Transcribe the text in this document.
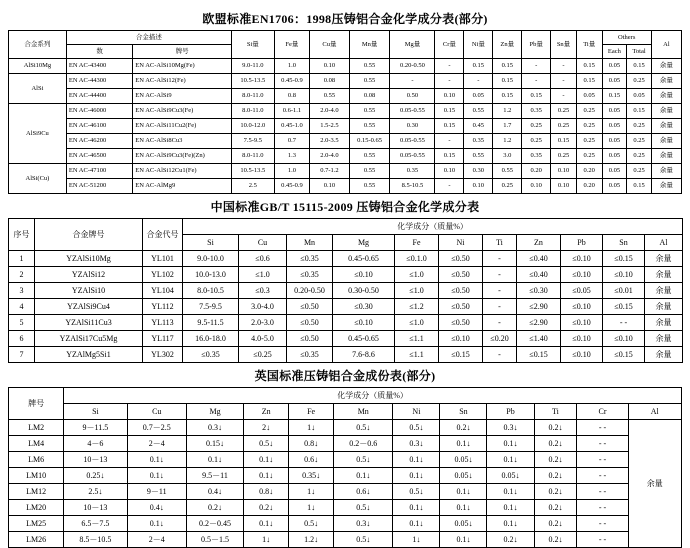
欧盟标准EN1706：1998压铸铝合金化学成分表(部分)
合金系列	合金描述		Si量	Fe量	Cu量	Mn量	Mg量	Cr量	Ni量	Zn量	Pb量	Sn量	Ti量	Others		Al
	数	牌号												Each	Total	
AlSi10Mg	EN AC-43400	EN AC-AlSi10Mg(Fe)	9.0-11.0	1.0	0.10	0.55	0.20-0.50	-	0.15	0.15	-	-	0.15	0.05	0.15	余量
AlSi	EN AC-44300	EN AC-AlSi12(Fe)	10.5-13.5	0.45-0.9	0.08	0.55	-	-	-	0.15	-	-	0.15	0.05	0.25	余量
	EN AC-44400	EN AC-AlSi9	8.0-11.0	0.8	0.55	0.08	0.50	0.10	0.05	0.15	0.15	-	0.05	0.15	0.05	余量
AlSi9Cu	EN AC-46000	EN AC-AlSi9Cu3(Fe)	8.0-11.0	0.6-1.1	2.0-4.0	0.55	0.05-0.55	0.15	0.55	1.2	0.35	0.25	0.25	0.05	0.15	余量
	EN AC-46100	EN AC-AlSi11Cu2(Fe)	10.0-12.0	0.45-1.0	1.5-2.5	0.55	0.30	0.15	0.45	1.7	0.25	0.25	0.25	0.05	0.25	余量
	EN AC-46200	EN AC-AlSi8Cu3	7.5-9.5	0.7	2.0-3.5	0.15-0.65	0.05-0.55	-	0.35	1.2	0.25	0.15	0.25	0.05	0.25	余量
	EN AC-46500	EN AC-AlSi9Cu3(Fe)(Zn)	8.0-11.0	1.3	2.0-4.0	0.55	0.05-0.55	0.15	0.55	3.0	0.35	0.25	0.25	0.05	0.25	余量
AlSi(Cu)	EN AC-47100	EN AC-AlSi12Cu1(Fe)	10.5-13.5	1.0	0.7-1.2	0.55	0.35	0.10	0.30	0.55	0.20	0.10	0.20	0.05	0.25	余量
	EN AC-51200	EN AC-AlMg9	2.5	0.45-0.9	0.10	0.55	8.5-10.5	-	0.10	0.25	0.10	0.10	0.20	0.05	0.15	余量
中国标准GB/T 15115-2009 压铸铝合金化学成分表
序号	合金牌号	合金代号	化学成分（质量%）										
			Si	Cu	Mn	Mg	Fe	Ni	Ti	Zn	Pb	Sn	Al
1	YZAlSi10Mg	YL101	9.0-10.0	≤0.6	≤0.35	0.45-0.65	≤0.1.0	≤0.50	-	≤0.40	≤0.10	≤0.15	余量
2	YZAlSi12	YL102	10.0-13.0	≤1.0	≤0.35	≤0.10	≤1.0	≤0.50	-	≤0.40	≤0.10	≤0.10	余量
3	YZAlSi10	YL104	8.0-10.5	≤0.3	0.20-0.50	0.30-0.50	≤1.0	≤0.50	-	≤0.30	≤0.05	≤0.01	余量
4	YZAlSi9Cu4	YL112	7.5-9.5	3.0-4.0	≤0.50	≤0.30	≤1.2	≤0.50	-	≤2.90	≤0.10	≤0.15	余量
5	YZAlSi11Cu3	YL113	9.5-11.5	2.0-3.0	≤0.50	≤0.10	≤1.0	≤0.50	-	≤2.90	≤0.10	- -	余量
6	YZAlSi17Cu5Mg	YL117	16.0-18.0	4.0-5.0	≤0.50	0.45-0.65	≤1.1	≤0.10	≤0.20	≤1.40	≤0.10	≤0.10	余量
7	YZAlMg5Si1	YL302	≤0.35	≤0.25	≤0.35	7.6-8.6	≤1.1	≤0.15	-	≤0.15	≤0.10	≤0.15	余量
英国标准压铸铝合金成份表(部分)
牌号	化学成分（质量%）											
	Si	Cu	Mg	Zn	Fe	Mn	Ni	Sn	Pb	Ti	Cr	Al
LM2	9－11.5	0.7－2.5	0.3↓	2↓	1↓	0.5↓	0.5↓	0.2↓	0.3↓	0.2↓	- -	余量
LM4	4－6	2－4	0.15↓	0.5↓	0.8↓	0.2－0.6	0.3↓	0.1↓	0.1↓	0.2↓	- -	
LM6	10－13	0.1↓	0.1↓	0.1↓	0.6↓	0.5↓	0.1↓	0.05↓	0.1↓	0.2↓	- -	
LM10	0.25↓	0.1↓	9.5－11	0.1↓	0.35↓	0.1↓	0.1↓	0.05↓	0.05↓	0.2↓	- -	
LM12	2.5↓	9－11	0.4↓	0.8↓	1↓	0.6↓	0.5↓	0.1↓	0.1↓	0.2↓	- -	
LM20	10－13	0.4↓	0.2↓	0.2↓	1↓	0.5↓	0.1↓	0.1↓	0.1↓	0.2↓	- -	
LM25	6.5－7.5	0.1↓	0.2－0.45	0.1↓	0.5↓	0.3↓	0.1↓	0.05↓	0.1↓	0.2↓	- -	
LM26	8.5－10.5	2－4	0.5－1.5	1↓	1.2↓	0.5↓	1↓	0.1↓	0.2↓	0.2↓	- -	
